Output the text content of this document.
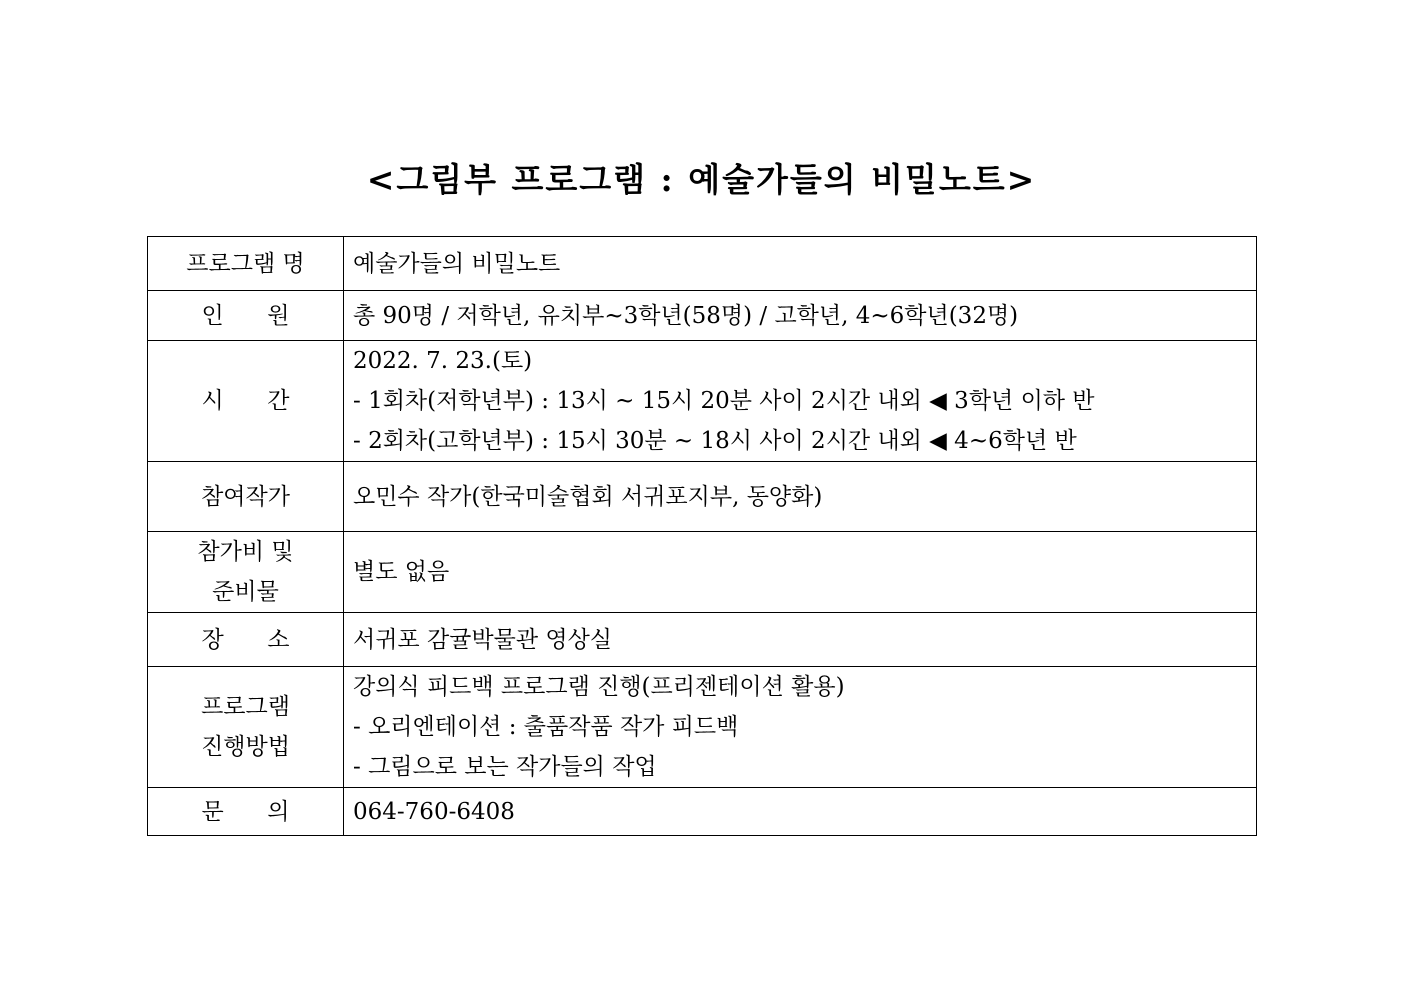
<그림부 프로그램 : 예술가들의 비밀노트>
프로그램 명	예술가들의 비밀노트

인 원	총 90명 / 저학년, 유치부~3학년(58명) / 고학년, 4~6학년(32명)

시 간	2022. 7. 23.(토)
- 1회차(저학년부) : 13시 ~ 15시 20분 사이 2시간 내외 ◀ 3학년 이하 반
- 2회차(고학년부) : 15시 30분 ~ 18시 사이 2시간 내외 ◀ 4~6학년 반

참여작가	오민수 작가(한국미술협회 서귀포지부, 동양화)

참가비 및
준비물	별도 없음

장 소	서귀포 감귤박물관 영상실

프로그램
진행방법	강의식 피드백 프로그램 진행(프리젠테이션 활용)
- 오리엔테이션 : 출품작품 작가 피드백
- 그림으로 보는 작가들의 작업

문 의	064-760-6408
